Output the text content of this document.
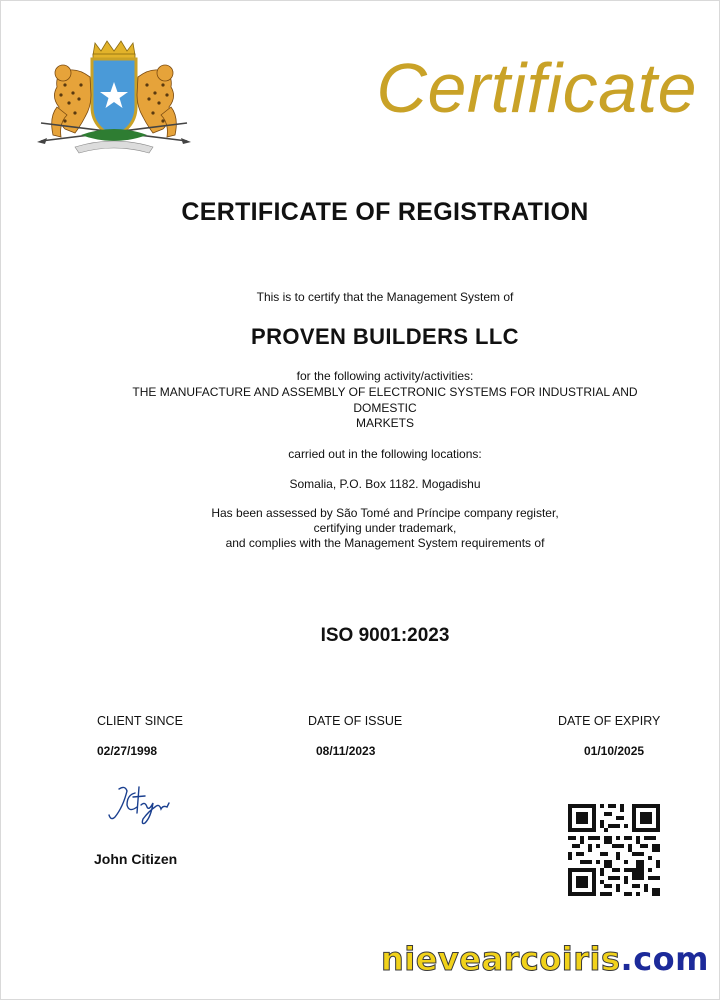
Certificate
CERTIFICATE OF REGISTRATION
This is to certify that the Management System of
PROVEN BUILDERS LLC
for the following activity/activities:
THE MANUFACTURE AND ASSEMBLY OF ELECTRONIC SYSTEMS FOR INDUSTRIAL AND
DOMESTIC
MARKETS
carried out in the following locations:
Somalia, P.O. Box 1182. Mogadishu
Has been assessed by São Tomé and Príncipe company register,
certifying under trademark,
and complies with the Management System requirements of
ISO 9001:2023
CLIENT SINCE	DATE OF ISSUE	DATE OF EXPIRY
02/27/1998	08/11/2023	01/10/2025
John Citizen
nievearcoiris.com
